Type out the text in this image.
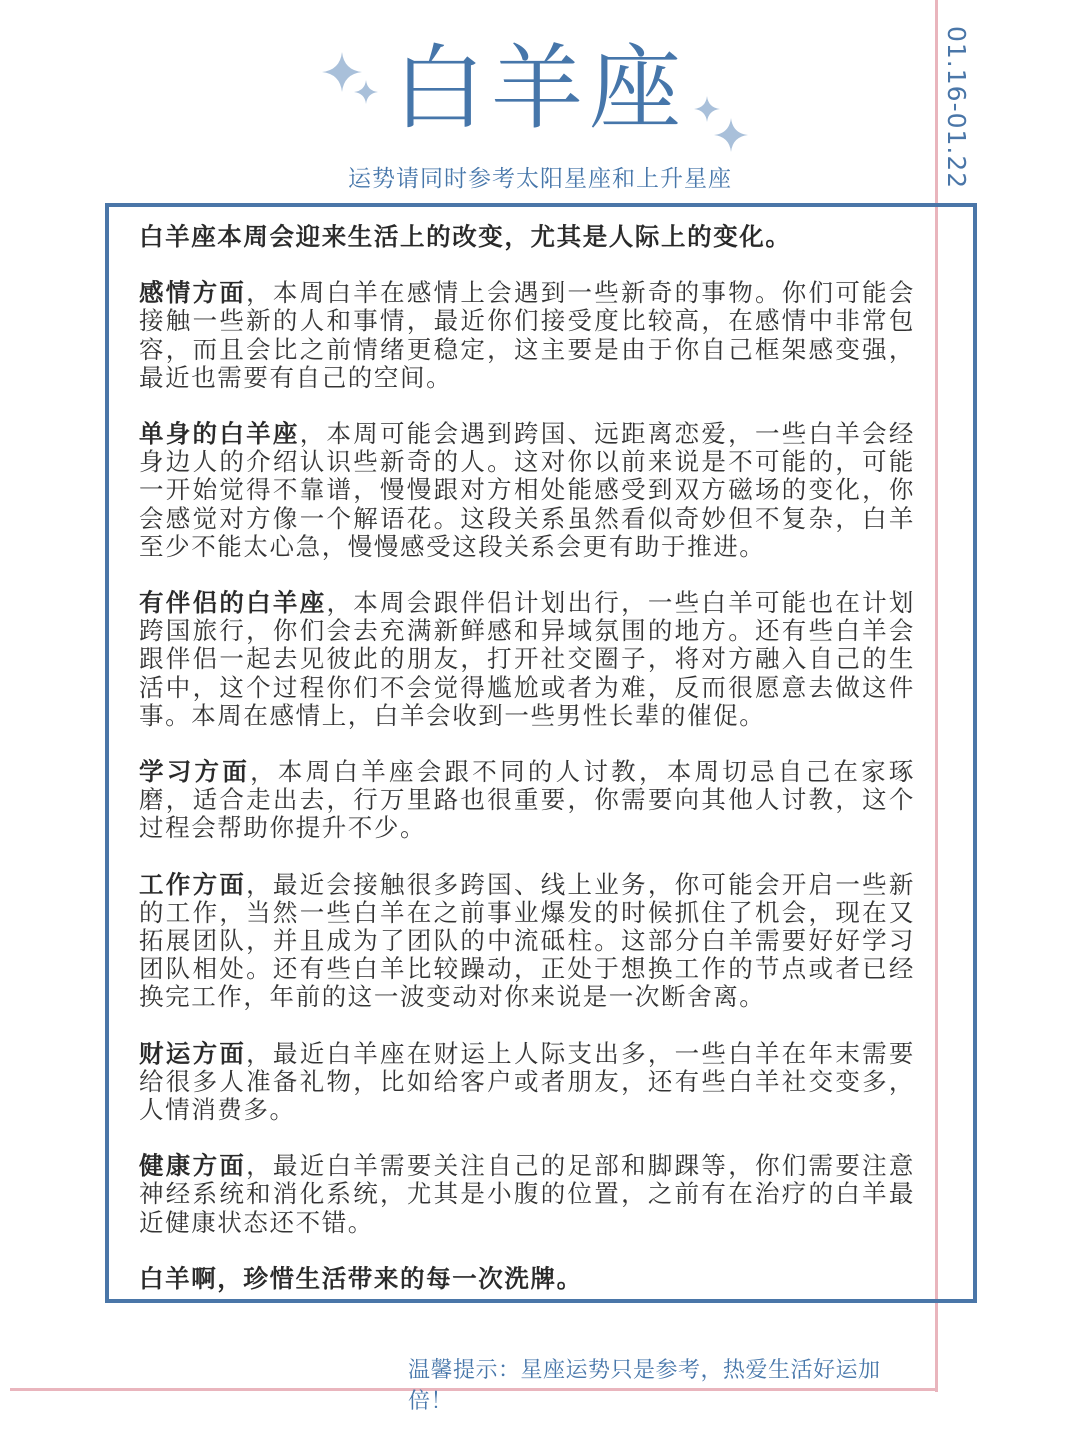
01.16-01.22
白羊座
运势请同时参考太阳星座和上升星座

白羊座本周会迎来生活上的改变，尤其是人际上的变化。

感情方面，本周白羊在感情上会遇到一些新奇的事物。你们可能会接触一些新的人和事情，最近你们接受度比较高，在感情中非常包容，而且会比之前情绪更稳定，这主要是由于你自己框架感变强，最近也需要有自己的空间。

单身的白羊座，本周可能会遇到跨国、远距离恋爱，一些白羊会经身边人的介绍认识些新奇的人。这对你以前来说是不可能的，可能一开始觉得不靠谱，慢慢跟对方相处能感受到双方磁场的变化，你会感觉对方像一个解语花。这段关系虽然看似奇妙但不复杂，白羊至少不能太心急，慢慢感受这段关系会更有助于推进。

有伴侣的白羊座，本周会跟伴侣计划出行，一些白羊可能也在计划跨国旅行，你们会去充满新鲜感和异域氛围的地方。还有些白羊会跟伴侣一起去见彼此的朋友，打开社交圈子，将对方融入自己的生活中，这个过程你们不会觉得尴尬或者为难，反而很愿意去做这件事。本周在感情上，白羊会收到一些男性长辈的催促。

学习方面，本周白羊座会跟不同的人讨教，本周切忌自己在家琢磨，适合走出去，行万里路也很重要，你需要向其他人讨教，这个过程会帮助你提升不少。

工作方面，最近会接触很多跨国、线上业务，你可能会开启一些新的工作，当然一些白羊在之前事业爆发的时候抓住了机会，现在又拓展团队，并且成为了团队的中流砥柱。这部分白羊需要好好学习团队相处。还有些白羊比较躁动，正处于想换工作的节点或者已经换完工作，年前的这一波变动对你来说是一次断舍离。

财运方面，最近白羊座在财运上人际支出多，一些白羊在年末需要给很多人准备礼物，比如给客户或者朋友，还有些白羊社交变多，人情消费多。

健康方面，最近白羊需要关注自己的足部和脚踝等，你们需要注意神经系统和消化系统，尤其是小腹的位置，之前有在治疗的白羊最近健康状态还不错。

白羊啊，珍惜生活带来的每一次洗牌。

温馨提示：星座运势只是参考，热爱生活好运加倍！
